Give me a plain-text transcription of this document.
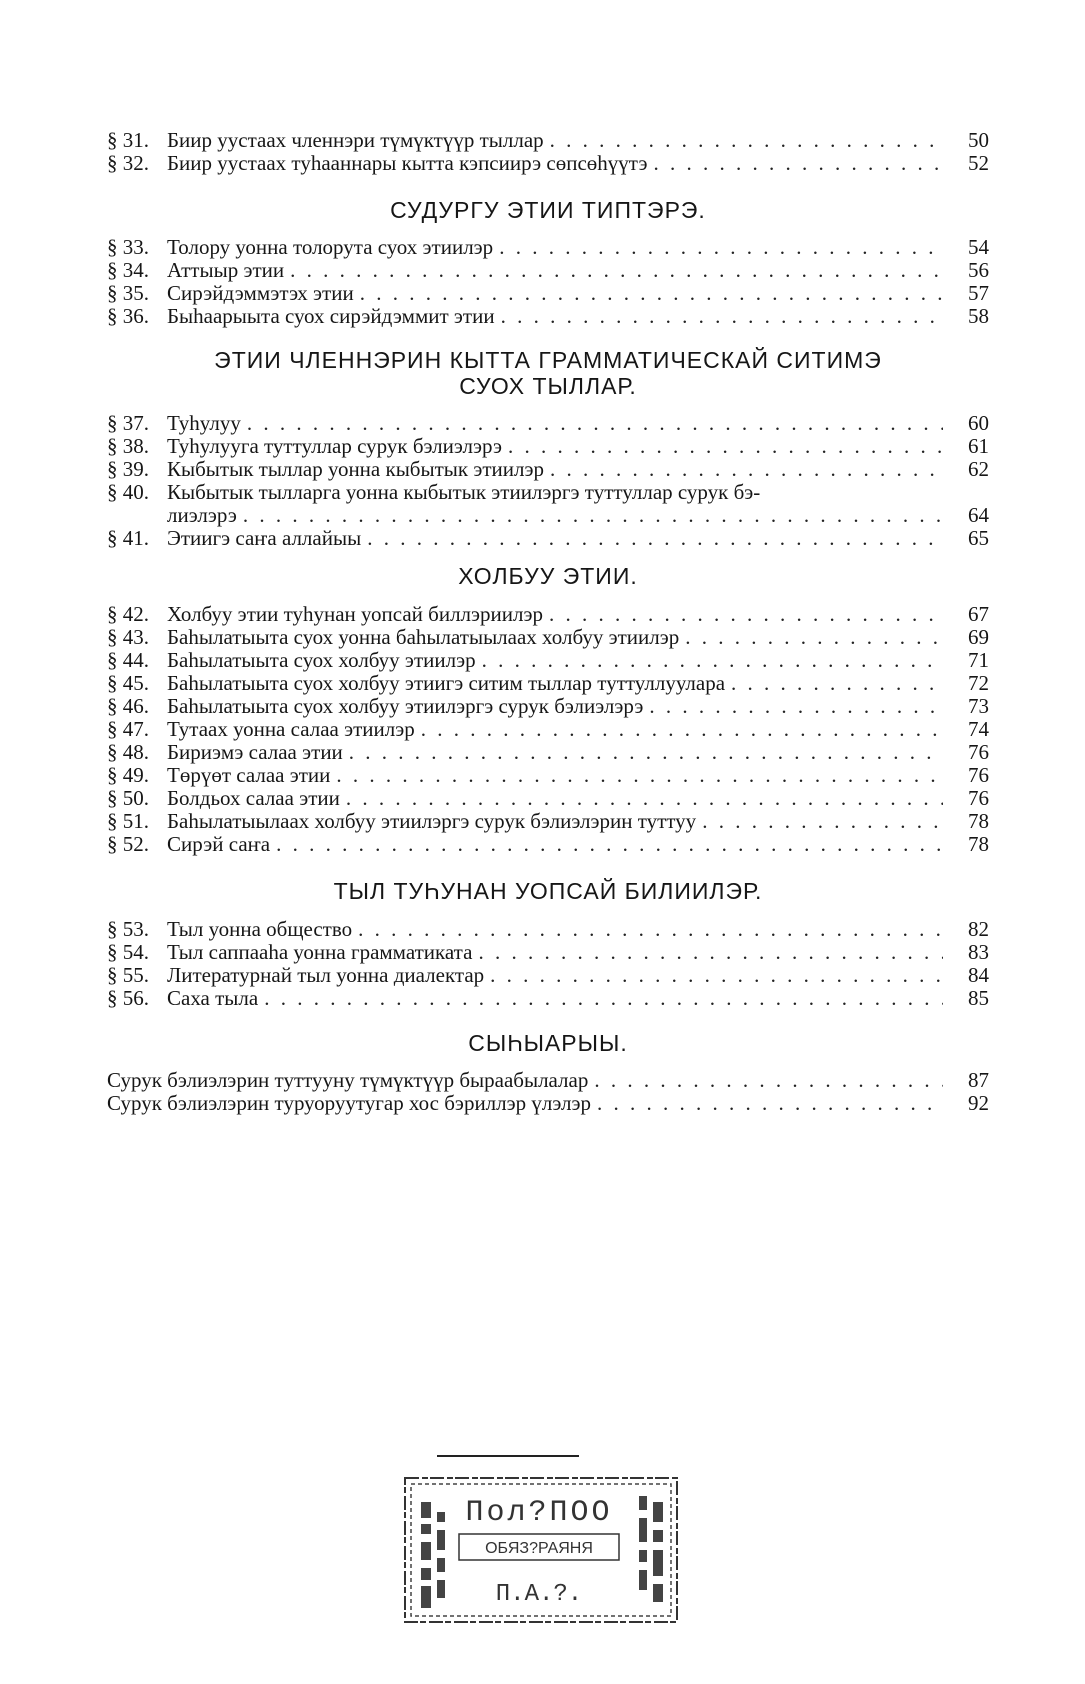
§ 31. Биир уустаах членнэри түмүктүүр тыллар . . .	50
§ 32. Биир уустаах туһааннары кытта кэпсиирэ сөпсөһүүтэ . . .	52
СУДУРГУ ЭТИИ ТИПТЭРЭ.
§ 33. Толору уонна толорута суох этиилэр . . .	54
§ 34. Аттыыр этии . . .	56
§ 35. Сирэйдэммэтэх этии . . .	57
§ 36. Быһаарыыта суох сирэйдэммит этии . . .	58
ЭТИИ ЧЛЕННЭРИН КЫТТА ГРАММАТИЧЕСКАЙ СИТИМЭ
СУОХ ТЫЛЛАР.
§ 37. Туһулуу . . .	60
§ 38. Туһулууга туттуллар сурук бэлиэлэрэ . . .	61
§ 39. Кыбытык тыллар уонна кыбытык этиилэр . . .	62
§ 40. Кыбытык тылларга уонна кыбытык этиилэргэ туттуллар сурук бэ-
лиэлэрэ . . .	64
§ 41. Этиигэ саҥа аллайыы . . .	65
ХОЛБУУ ЭТИИ.
§ 42. Холбуу этии туһунан уопсай биллэриилэр . . .	67
§ 43. Баһылатыыта суох уонна баһылатыылаах холбуу этиилэр . . .	69
§ 44. Баһылатыыта суох холбуу этиилэр . . .	71
§ 45. Баһылатыыта суох холбуу этиигэ ситим тыллар туттуллуулара . . .	72
§ 46. Баһылатыыта суох холбуу этиилэргэ сурук бэлиэлэрэ . . .	73
§ 47. Тутаах уонна салаа этиилэр . . .	74
§ 48. Бириэмэ салаа этии . . .	76
§ 49. Төрүөт салаа этии . . .	76
§ 50. Болдьох салаа этии . . .	76
§ 51. Баһылатыылаах холбуу этиилэргэ сурук бэлиэлэрин туттуу . . .	78
§ 52. Сирэй саҥа . . .	78
ТЫЛ ТУҺУНАН УОПСАЙ БИЛИИЛЭР.
§ 53. Тыл уонна общество . . .	82
§ 54. Тыл саппааһа уонна грамматиката . . .	83
§ 55. Литературнай тыл уонна диалектар . . .	84
§ 56. Саха тыла . . .	85
СЫҺЫАРЫЫ.
Сурук бэлиэлэрин туттууну түмүктүүр быраабылалар . . .	87
Сурук бэлиэлэрин туруоруутугар хос бэриллэр үлэлэр . . .	92
Пол?ПОО
ОБЯЗ?РАЯНЯ
П.А.?.
